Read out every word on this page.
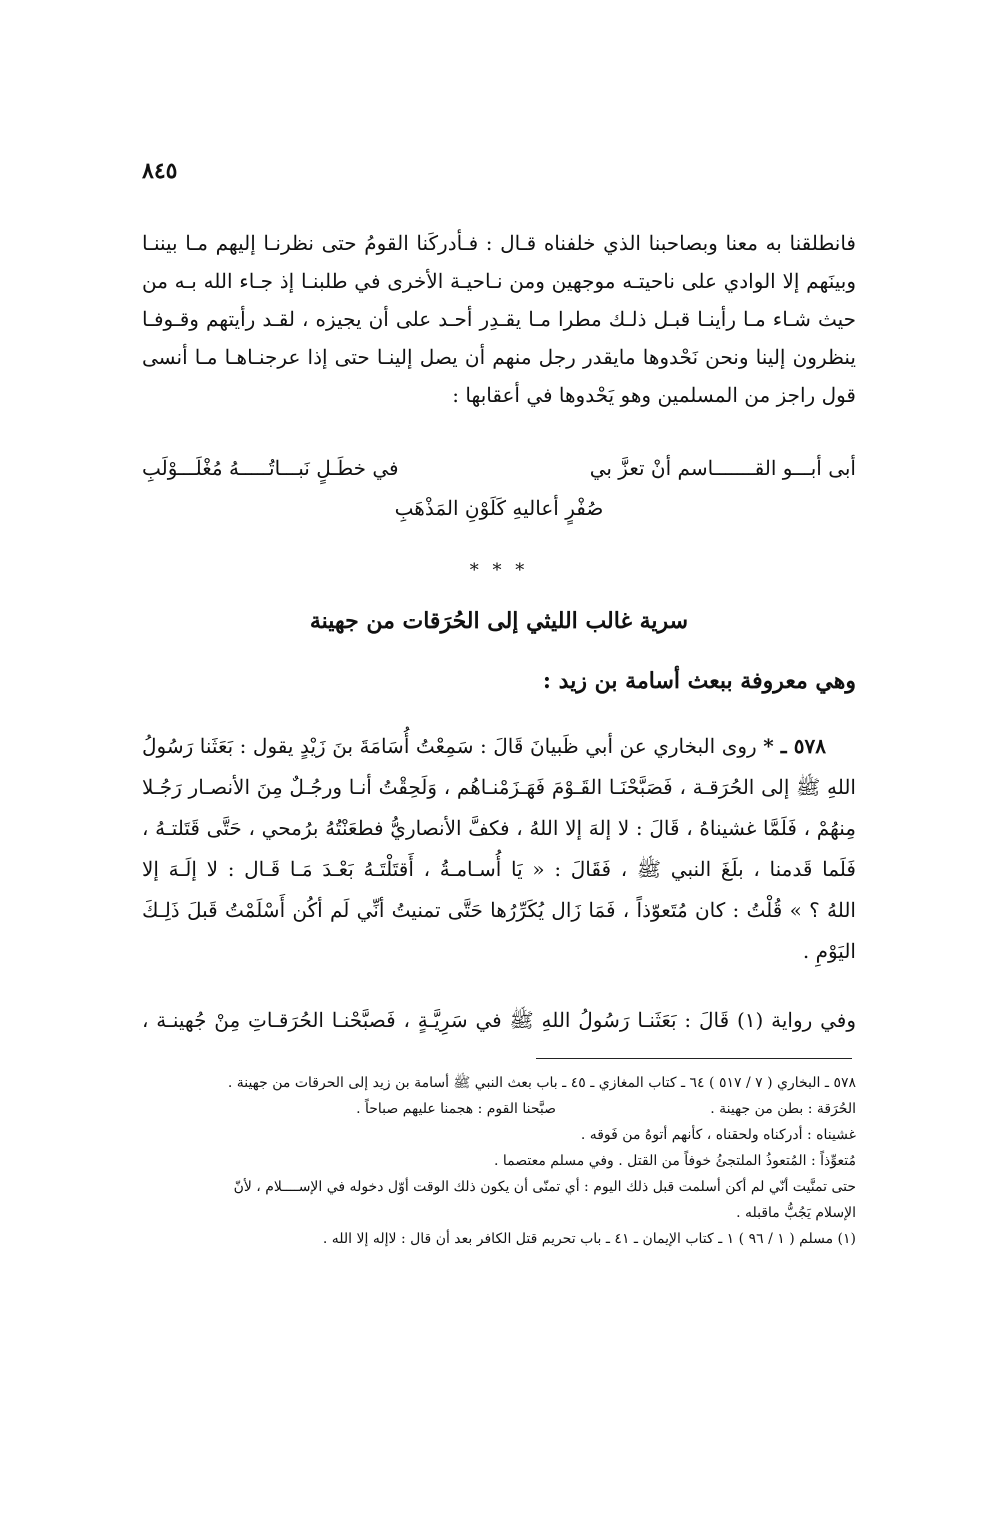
٨٤٥

فانطلقنا به معنا وبصاحبنا الذي خلفناه قـال : فـأدركَنا القومُ حتى نظرنـا إليهم مـا بيننـا

وبينَهم إلا الوادي على ناحيتـه موجهين ومن نـاحيـة الأخرى في طلبنـا إذ جـاء الله بـه من

حيث شـاء مـا رأينـا قبـل ذلـك مطرا مـا يقـدِر أحـد على أن يجيزه ، لقـد رأيتهم وقـوفـا

ينظرون إلينا ونحن نَحْدوها مايقدر رجل منهم أن يصل إلينـا حتى إذا عرجنـاهـا مـا أنسى

قول راجز من المسلمين وهو يَحْدوها في أعقابها :

أبى أبـــو القـــــــاسم أنْ تعزَّ بي
في خطَـلٍ نَبـــاتُـــــهُ مُغْلَـــوْلَبِ
صُفْرٍ أعاليهِ كَلَوْنِ المَذْهَبِ
* * *
سرية غالب الليثي إلى الحُرَقات من جهينة
وهي معروفة ببعث أسامة بن زيد :

٥٧٨ ـ * روى البخاري عن أبي ظَبيانَ قَالَ : سَمِعْتُ أُسَامَةَ بنَ زَيْدٍ يقول : بَعَثَنا رَسُولُ

اللهِ ﷺ إلى الحُرَقـة ، فَصَبَّحْنَـا القَـوْمَ فَهَـزَمْنـاهُم ، وَلَحِقْتُ أنـا ورجُـلٌ مِنَ الأنصـار رَجُـلا

مِنهُمْ ، فَلَمَّا غشيناهُ ، قَالَ : لا إلهَ إلا اللهُ ، فكفَّ الأنصاريُّ فطعَنْتُهُ برُمحي ، حَتَّى قَتَلتـهُ ،

فَلَما قَدمنا ، بلَغَ النبي ﷺ ، فَقَالَ : « يَا أُسـامـةُ ، أَقتَلْتَـهُ بَعْـدَ مَـا قَـال : لا إلَـهَ إلا

اللهُ ؟ » قُلْتُ : كان مُتَعوّذاً ، فَمَا زَال يُكَرِّرُها حَتَّى تمنيتُ أنِّي لَم أكُن أَسْلَمْتُ قَبلَ ذَلِـكَ

اليَوْمِ .

وفي رواية (١) قَالَ : بَعَثَنـا رَسُولُ اللهِ ﷺ في سَرِيَّـةٍ ، فَصبَّحْنـا الحُرَقـاتِ مِنْ جُهينـة ،

٥٧٨ ـ البخاري ( ٧ / ٥١٧ ) ٦٤ ـ كتاب المغازي ـ ٤٥ ـ باب بعث النبي ﷺ أسامة بن زيد إلى الحرقات من جهينة .

الحُرَقة : بطن من جهينة .
صبَّحنا القوم : هجمنا عليهم صباحاً .

غشيناه : أدركناه ولحقناه ، كأنهم أتوهُ من فَوقه .

مُتعوِّذاً : المُتعوذُ الملتجئُ خوفاً من القتل . وفي مسلم معتصما .

حتى تمنَّيت أنّي لم أكن أسلمت قبل ذلك اليوم : أي تمنّى أن يكون ذلك الوقت أوّل دخوله في الإســــلام ، لأنّ

الإسلام يَجُبُّ ماقبله .

(١) مسلم ( ١ / ٩٦ ) ١ ـ كتاب الإيمان ـ ٤١ ـ باب تحريم قتل الكافر بعد أن قال : لاإله إلا الله .
